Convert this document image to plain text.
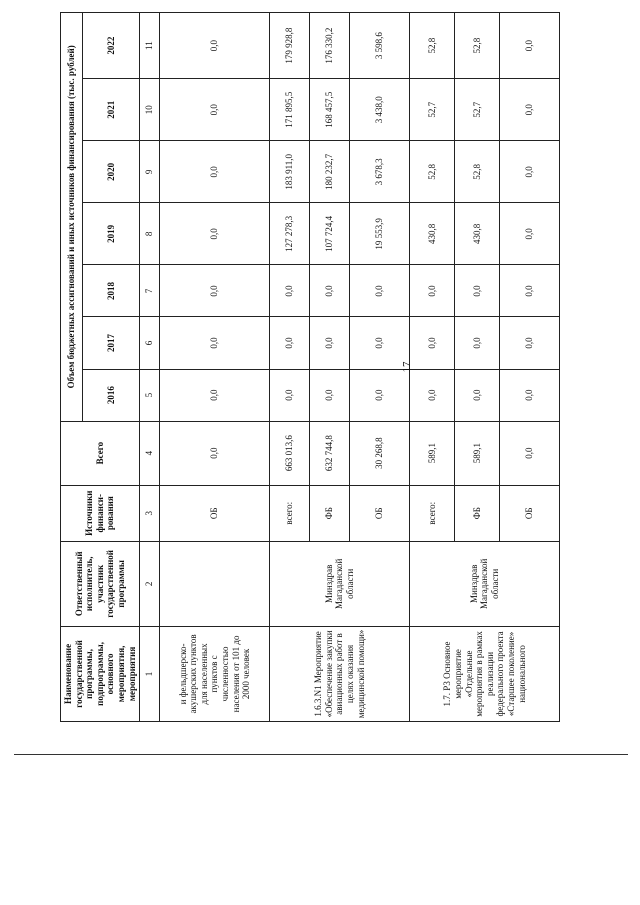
Наименование государственной программы, подпрограммы, основного мероприятия, мероприятия	Ответственный исполнитель, участник государственной программы	Источники финанси-рования	Всего	Объем бюджетных ассигнований и иных источников финансирования (тыс. рублей)						
				2016	2017	2018	2019	2020	2021	2022
1	2	3	4	5	6	7	8	9	10	11
и фельдшерско-акушерских пунктов для населенных пунктов с численностью населения от 101 до 2000 человек		ОБ	0,0	0,0	0,0	0,0	0,0	0,0	0,0	0,0
1.6.3.N1 Мероприятие «Обеспечение закупки авиационных работ в целях оказания медицинской помощи»	Минздрав Магаданской области	всего:	663 013,6	0,0	0,0	0,0	127 278,3	183 911,0	171 895,5	179 928,8
		ФБ	632 744,8	0,0	0,0	0,0	107 724,4	180 232,7	168 457,5	176 330,2
		ОБ	30 268,8	0,0	0,0	0,0	19 553,9	3 678,3	3 438,0	3 598,6
1.7. P3 Основное мероприятие «Отдельные мероприятия в рамках реализации федерального проекта «Старшее поколение» национального	Минздрав Магаданской области	всего:	589,1	0,0	0,0	0,0	430,8	52,8	52,7	52,8
		ФБ	589,1	0,0	0,0	0,0	430,8	52,8	52,7	52,8
		ОБ	0,0	0,0	0,0	0,0	0,0	0,0	0,0	0,0
17
